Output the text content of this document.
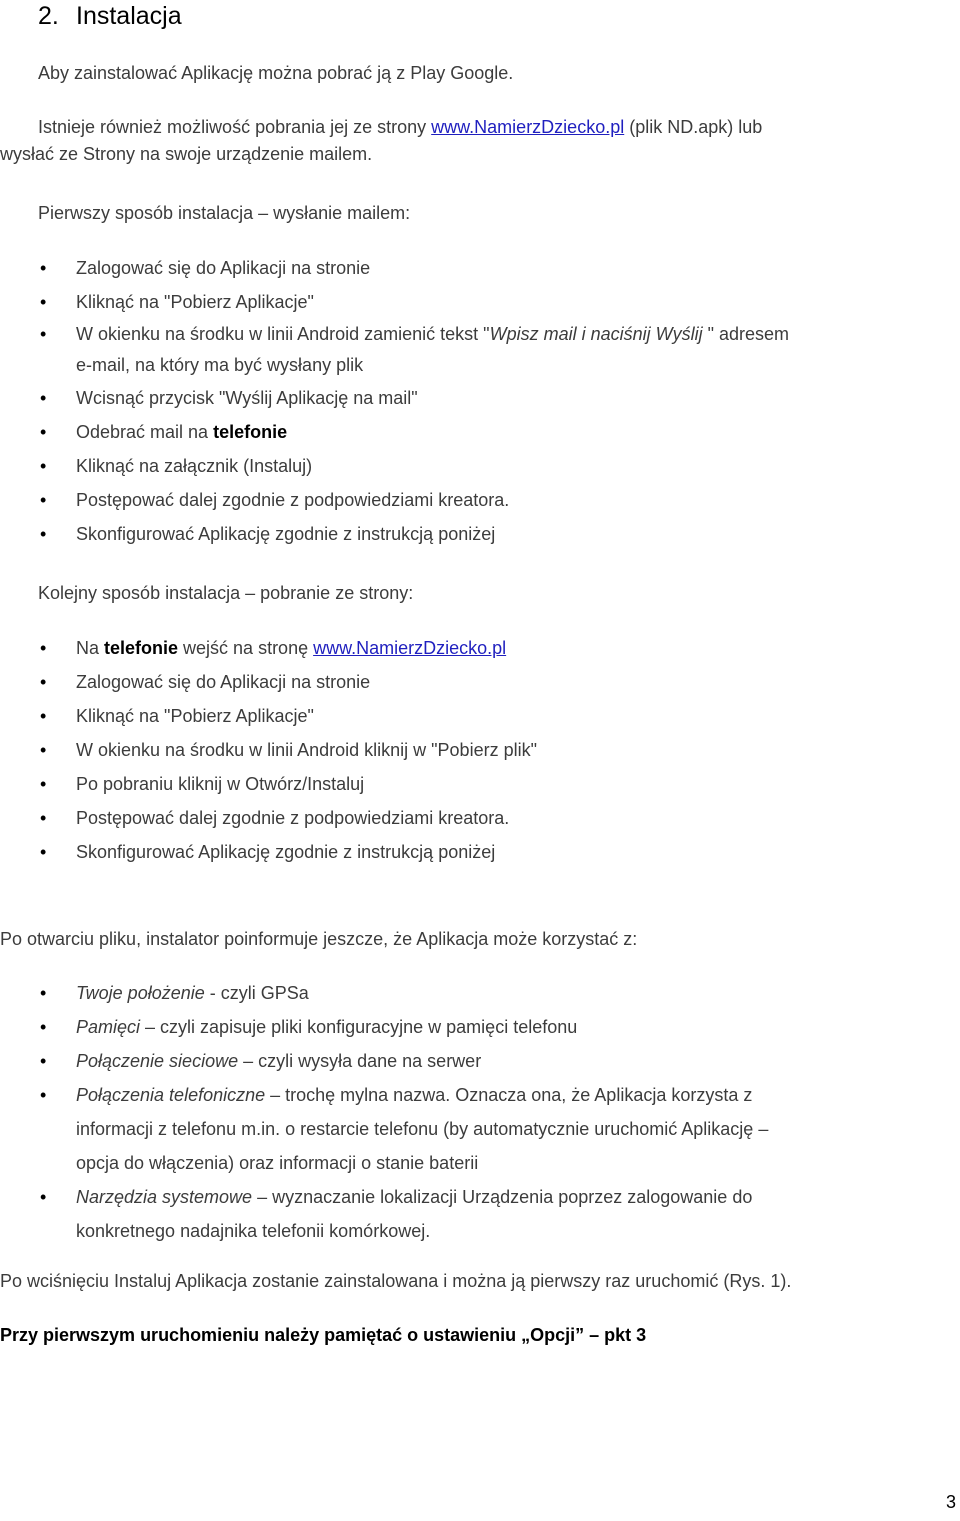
2. Instalacja

Aby zainstalować Aplikację można pobrać ją z Play Google.

Istnieje również możliwość pobrania jej ze strony www.NamierzDziecko.pl (plik ND.apk) lub

wysłać ze Strony na swoje urządzenie mailem.

Pierwszy sposób instalacja – wysłanie mailem:

• Zalogować się do Aplikacji na stronie
• Kliknąć na "Pobierz Aplikacje"
• W okienku na środku w linii Android zamienić tekst "Wpisz mail i naciśnij Wyślij " adresem
e-mail, na który ma być wysłany plik
• Wcisnąć przycisk "Wyślij Aplikację na mail"
• Odebrać mail na telefonie
• Kliknąć na załącznik (Instaluj)
• Postępować dalej zgodnie z podpowiedziami kreatora.
• Skonfigurować Aplikację zgodnie z instrukcją poniżej

Kolejny sposób instalacja – pobranie ze strony:

• Na telefonie wejść na stronę www.NamierzDziecko.pl
• Zalogować się do Aplikacji na stronie
• Kliknąć na "Pobierz Aplikacje"
• W okienku na środku w linii Android kliknij w "Pobierz plik"
• Po pobraniu kliknij w Otwórz/Instaluj
• Postępować dalej zgodnie z podpowiedziami kreatora.
• Skonfigurować Aplikację zgodnie z instrukcją poniżej

Po otwarciu pliku, instalator poinformuje jeszcze, że Aplikacja może korzystać z:

• Twoje położenie - czyli GPSa
• Pamięci – czyli zapisuje pliki konfiguracyjne w pamięci telefonu
• Połączenie sieciowe – czyli wysyła dane na serwer
• Połączenia telefoniczne – trochę mylna nazwa. Oznacza ona, że Aplikacja korzysta z
informacji z telefonu m.in. o restarcie telefonu (by automatycznie uruchomić Aplikację –
opcja do włączenia) oraz informacji o stanie baterii
• Narzędzia systemowe – wyznaczanie lokalizacji Urządzenia poprzez zalogowanie do
konkretnego nadajnika telefonii komórkowej.

Po wciśnięciu Instaluj Aplikacja zostanie zainstalowana i można ją pierwszy raz uruchomić (Rys. 1).

Przy pierwszym uruchomieniu należy pamiętać o ustawieniu „Opcji” – pkt 3

3
